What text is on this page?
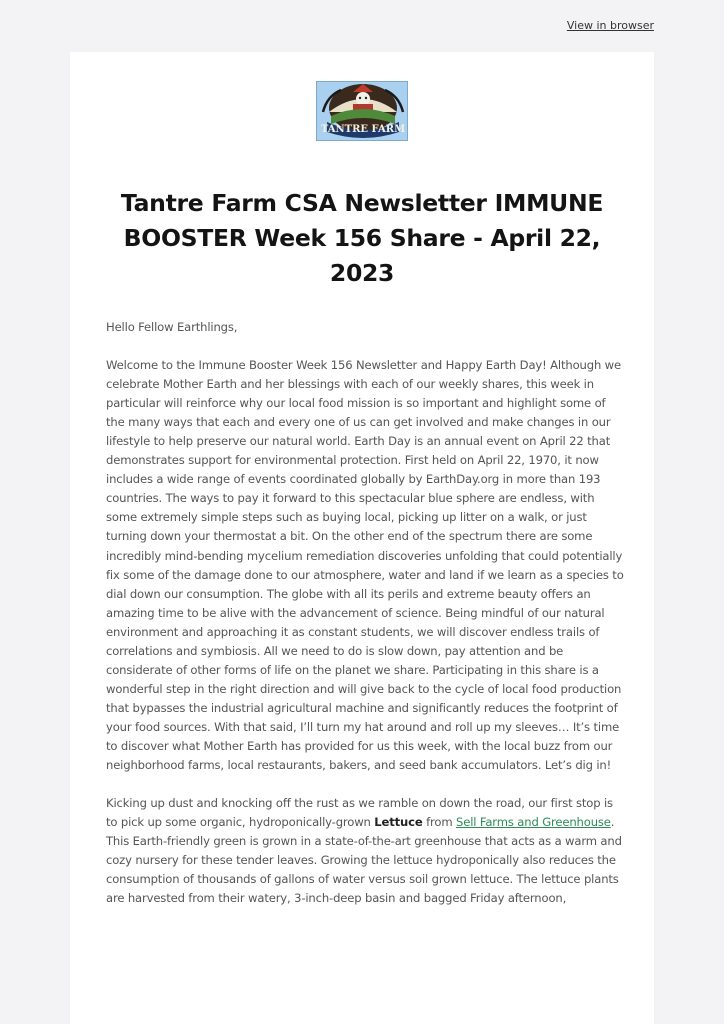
View in browser
TANTRE FARM
Tantre Farm CSA Newsletter IMMUNE BOOSTER Week 156 Share - April 22, 2023

Hello Fellow Earthlings,

Welcome to the Immune Booster Week 156 Newsletter and Happy Earth Day! Although we celebrate Mother Earth and her blessings with each of our weekly shares, this week in particular will reinforce why our local food mission is so important and highlight some of the many ways that each and every one of us can get involved and make changes in our lifestyle to help preserve our natural world. Earth Day is an annual event on April 22 that demonstrates support for environmental protection. First held on April 22, 1970, it now includes a wide range of events coordinated globally by EarthDay.org in more than 193 countries. The ways to pay it forward to this spectacular blue sphere are endless, with some extremely simple steps such as buying local, picking up litter on a walk, or just turning down your thermostat a bit. On the other end of the spectrum there are some incredibly mind-bending mycelium remediation discoveries unfolding that could potentially fix some of the damage done to our atmosphere, water and land if we learn as a species to dial down our consumption. The globe with all its perils and extreme beauty offers an amazing time to be alive with the advancement of science. Being mindful of our natural environment and approaching it as constant students, we will discover endless trails of correlations and symbiosis. All we need to do is slow down, pay attention and be considerate of other forms of life on the planet we share. Participating in this share is a wonderful step in the right direction and will give back to the cycle of local food production that bypasses the industrial agricultural machine and significantly reduces the footprint of your food sources. With that said, I’ll turn my hat around and roll up my sleeves… It’s time to discover what Mother Earth has provided for us this week, with the local buzz from our neighborhood farms, local restaurants, bakers, and seed bank accumulators. Let’s dig in!

Kicking up dust and knocking off the rust as we ramble on down the road, our first stop is to pick up some organic, hydroponically-grown Lettuce from Sell Farms and Greenhouse. This Earth-friendly green is grown in a state-of-the-art greenhouse that acts as a warm and cozy nursery for these tender leaves. Growing the lettuce hydroponically also reduces the consumption of thousands of gallons of water versus soil grown lettuce. The lettuce plants are harvested from their watery, 3-inch-deep basin and bagged Friday afternoon,
